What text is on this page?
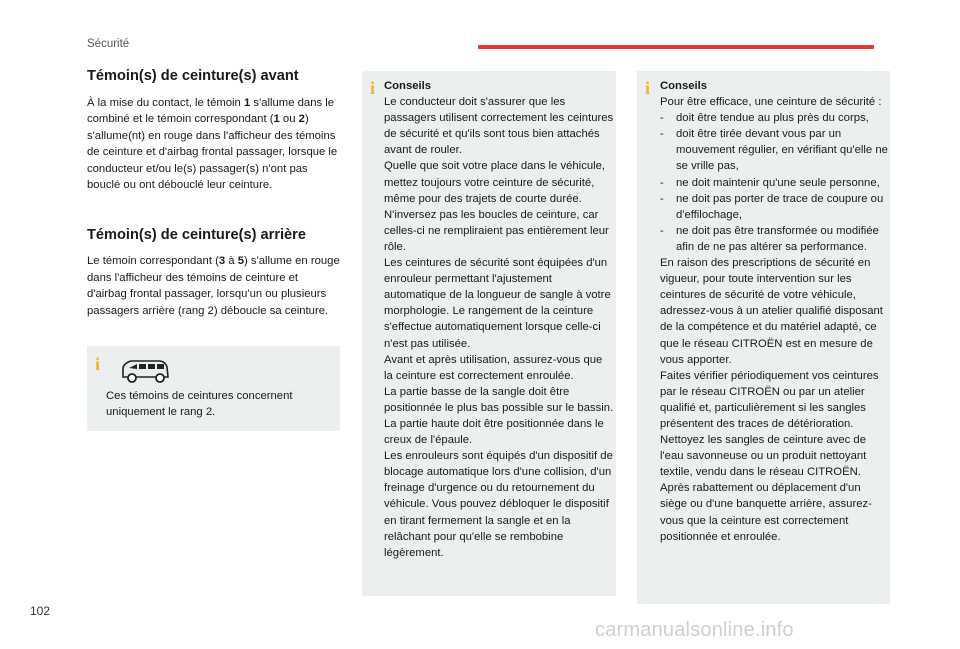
Sécurité
Témoin(s) de ceinture(s) avant

À la mise du contact, le témoin 1 s'allume dans le combiné et le témoin correspondant (1 ou 2) s'allume(nt) en rouge dans l'afficheur des témoins de ceinture et d'airbag frontal passager, lorsque le conducteur et/ou le(s) passager(s) n'ont pas bouclé ou ont débouclé leur ceinture.

Témoin(s) de ceinture(s) arrière

Le témoin correspondant (3 à 5) s'allume en rouge dans l'afficheur des témoins de ceinture et d'airbag frontal passager, lorsqu'un ou plusieurs passagers arrière (rang 2) déboucle sa ceinture.

i
Ces témoins de ceintures concernent uniquement le rang 2.
i Conseils
Le conducteur doit s'assurer que les passagers utilisent correctement les ceintures de sécurité et qu'ils sont tous bien attachés avant de rouler.
Quelle que soit votre place dans le véhicule, mettez toujours votre ceinture de sécurité, même pour des trajets de courte durée.
N'inversez pas les boucles de ceinture, car celles-ci ne rempliraient pas entièrement leur rôle.
Les ceintures de sécurité sont équipées d'un enrouleur permettant l'ajustement automatique de la longueur de sangle à votre morphologie. Le rangement de la ceinture s'effectue automatiquement lorsque celle-ci n'est pas utilisée.
Avant et après utilisation, assurez-vous que la ceinture est correctement enroulée.
La partie basse de la sangle doit être positionnée le plus bas possible sur le bassin.
La partie haute doit être positionnée dans le creux de l'épaule.
Les enrouleurs sont équipés d'un dispositif de blocage automatique lors d'une collision, d'un freinage d'urgence ou du retournement du véhicule. Vous pouvez débloquer le dispositif en tirant fermement la sangle et en la relâchant pour qu'elle se rembobine légèrement.
i Conseils
Pour être efficace, une ceinture de sécurité :
- doit être tendue au plus près du corps,
- doit être tirée devant vous par un mouvement régulier, en vérifiant qu'elle ne se vrille pas,
- ne doit maintenir qu'une seule personne,
- ne doit pas porter de trace de coupure ou d'effilochage,
- ne doit pas être transformée ou modifiée afin de ne pas altérer sa performance.
En raison des prescriptions de sécurité en vigueur, pour toute intervention sur les ceintures de sécurité de votre véhicule, adressez-vous à un atelier qualifié disposant de la compétence et du matériel adapté, ce que le réseau CITROËN est en mesure de vous apporter.
Faites vérifier périodiquement vos ceintures par le réseau CITROËN ou par un atelier qualifié et, particulièrement si les sangles présentent des traces de détérioration.
Nettoyez les sangles de ceinture avec de l'eau savonneuse ou un produit nettoyant textile, vendu dans le réseau CITROËN.
Après rabattement ou déplacement d'un siège ou d'une banquette arrière, assurez-vous que la ceinture est correctement positionnée et enroulée.
102
carmanualsonline.info
